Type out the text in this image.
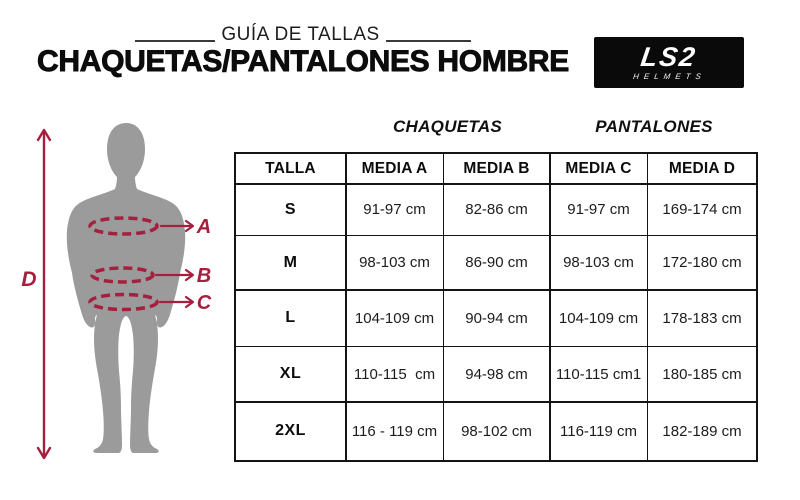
GUÍA DE TALLAS
CHAQUETAS/PANTALONES HOMBRE	LS2
HELMETS
D
A
B
C
CHAQUETAS	PANTALONES
TALLA	MEDIA A	MEDIA B	MEDIA C	MEDIA D
S	91-97 cm	82-86 cm	91-97 cm	169-174 cm
M	98-103 cm	86-90 cm	98-103 cm	172-180 cm
L	104-109 cm	90-94 cm	104-109 cm	178-183 cm
XL	110-115  cm	94-98 cm	110-115 cm1	180-185 cm
2XL	116 - 119 cm	98-102 cm	116-119 cm	182-189 cm
